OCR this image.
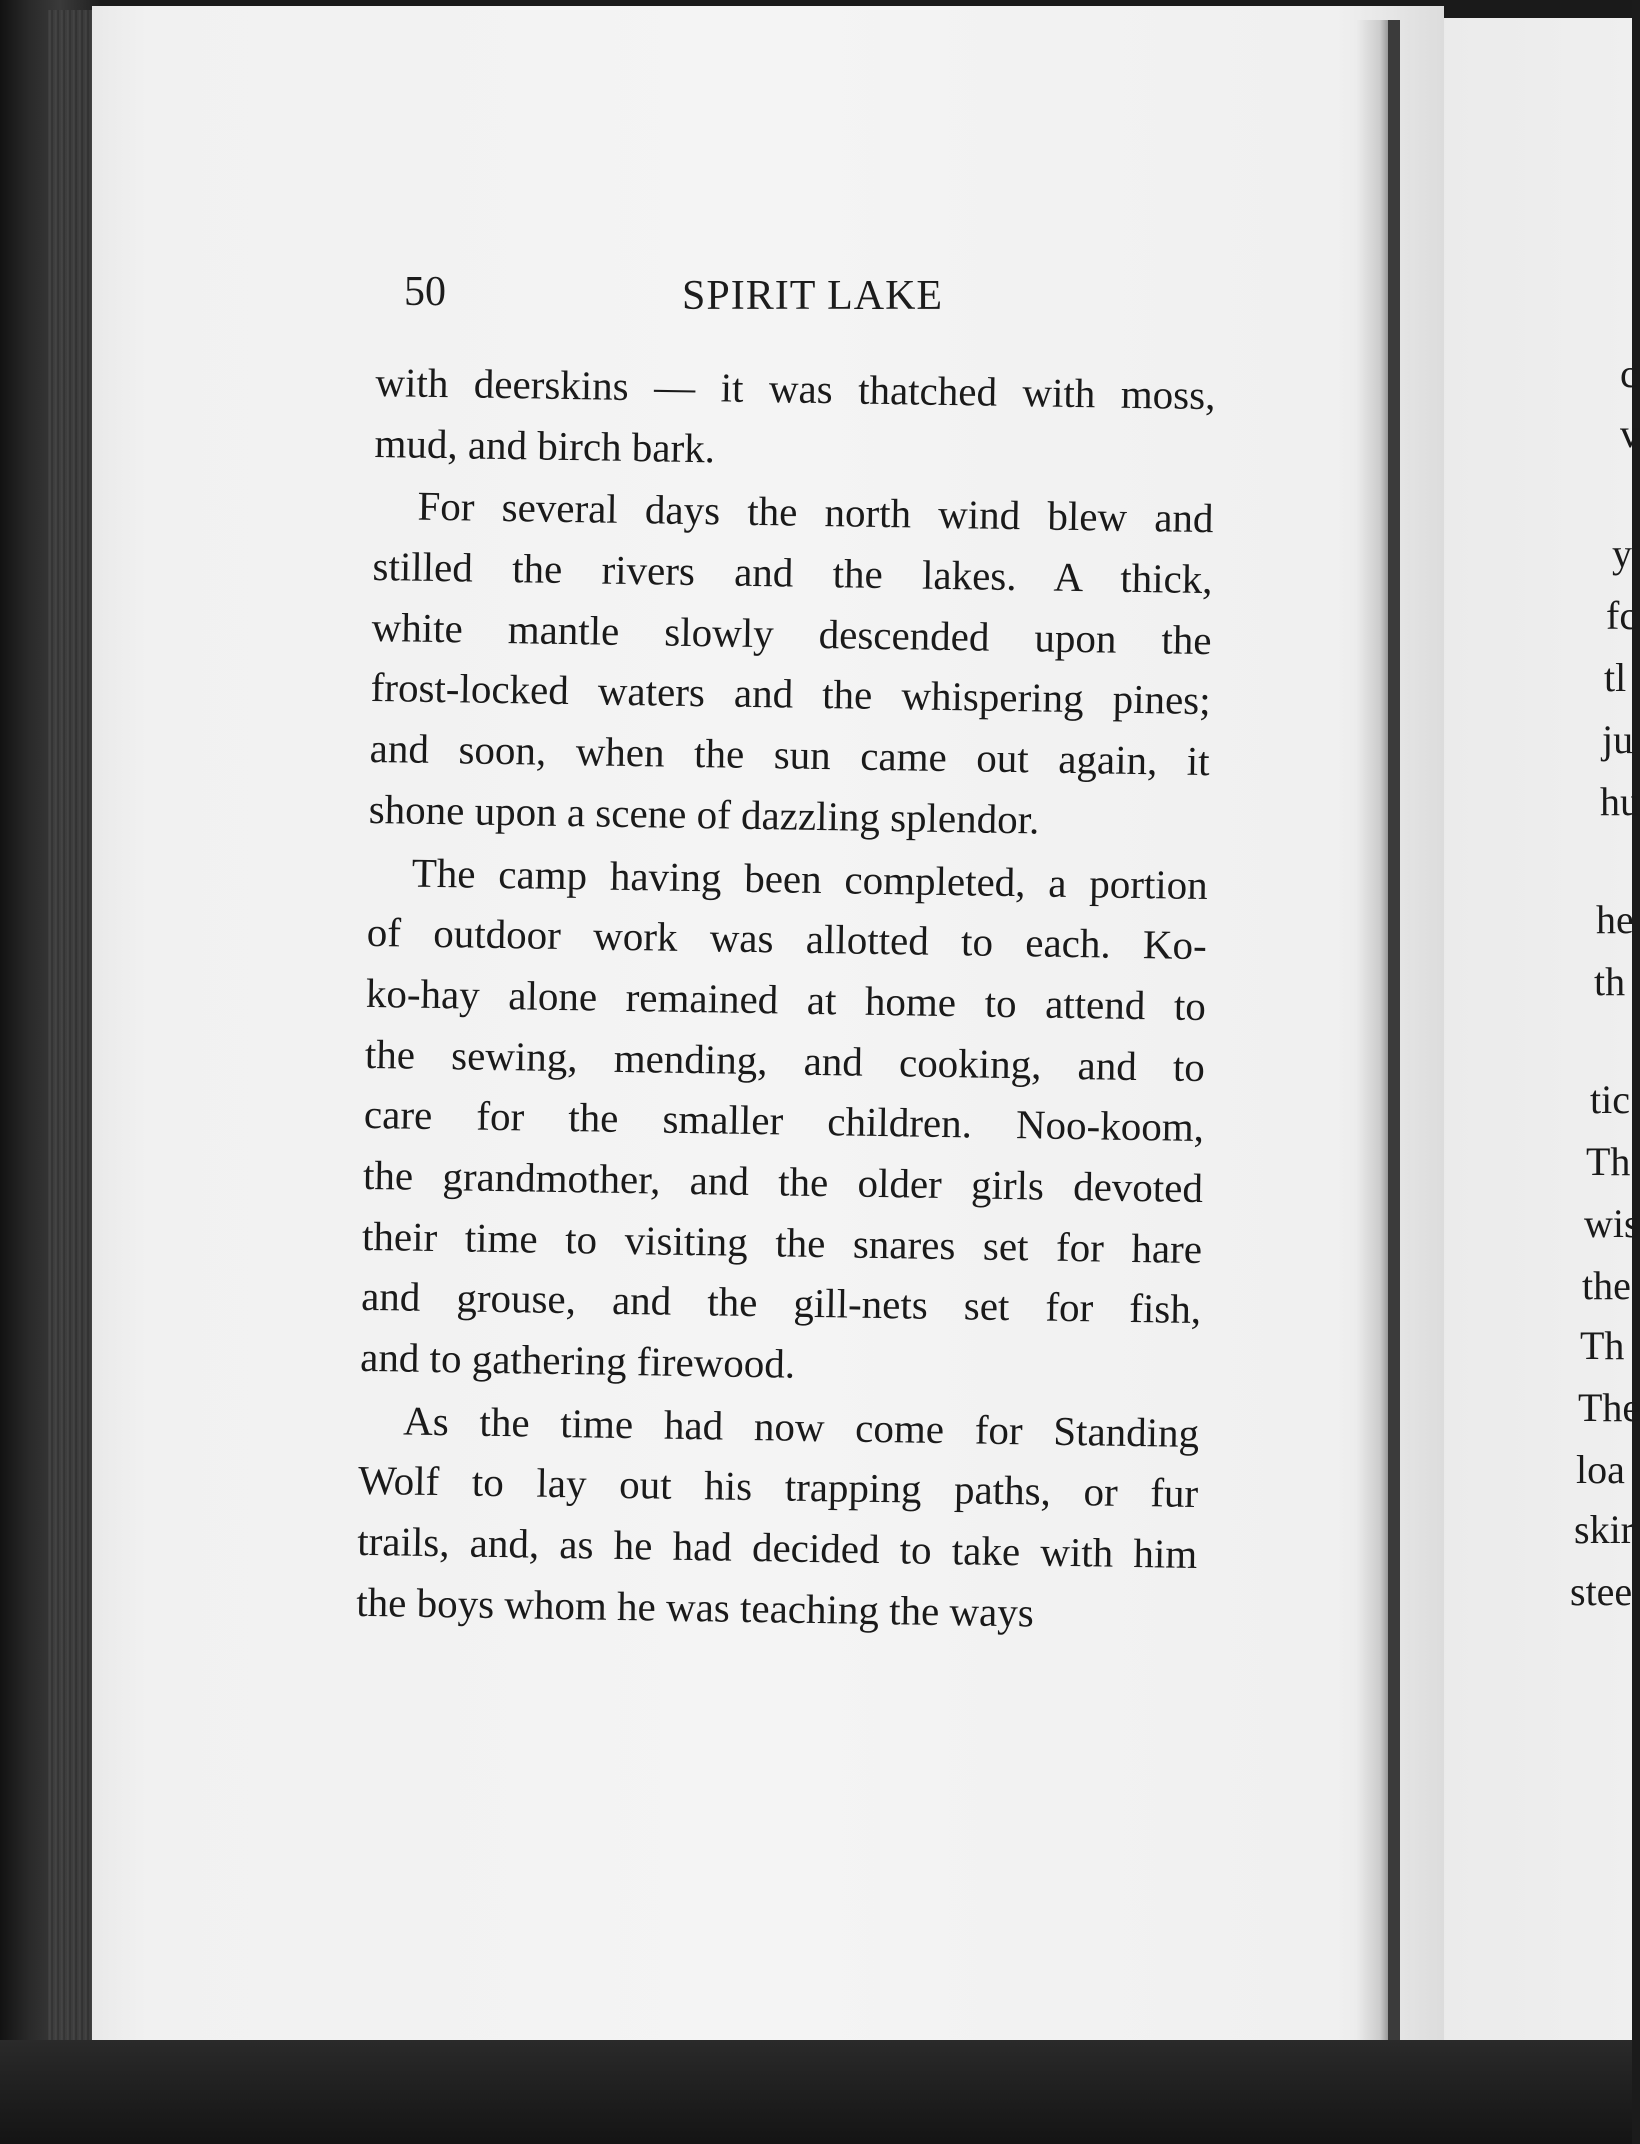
50	SPIRIT LAKE
with deerskins — it was thatched with moss,
mud, and birch bark.
For several days the north wind blew and
stilled the rivers and the lakes. A thick,
white mantle slowly descended upon the
frost-locked waters and the whispering pines;
and soon, when the sun came out again, it
shone upon a scene of dazzling splendor.
The camp having been completed, a portion
of outdoor work was allotted to each. Ko-
ko-hay alone remained at home to attend to
the sewing, mending, and cooking, and to
care for the smaller children. Noo-koom,
the grandmother, and the older girls devoted
their time to visiting the snares set for hare
and grouse, and the gill-nets set for fish,
and to gathering firewood.
As the time had now come for Standing
Wolf to lay out his trapping paths, or fur
trails, and, as he had decided to take with him
the boys whom he was teaching the ways
c
v
y
fc
tl
ju
hu
he
th
tic
Th
wis
the
Th
The
loa
skir
stee
